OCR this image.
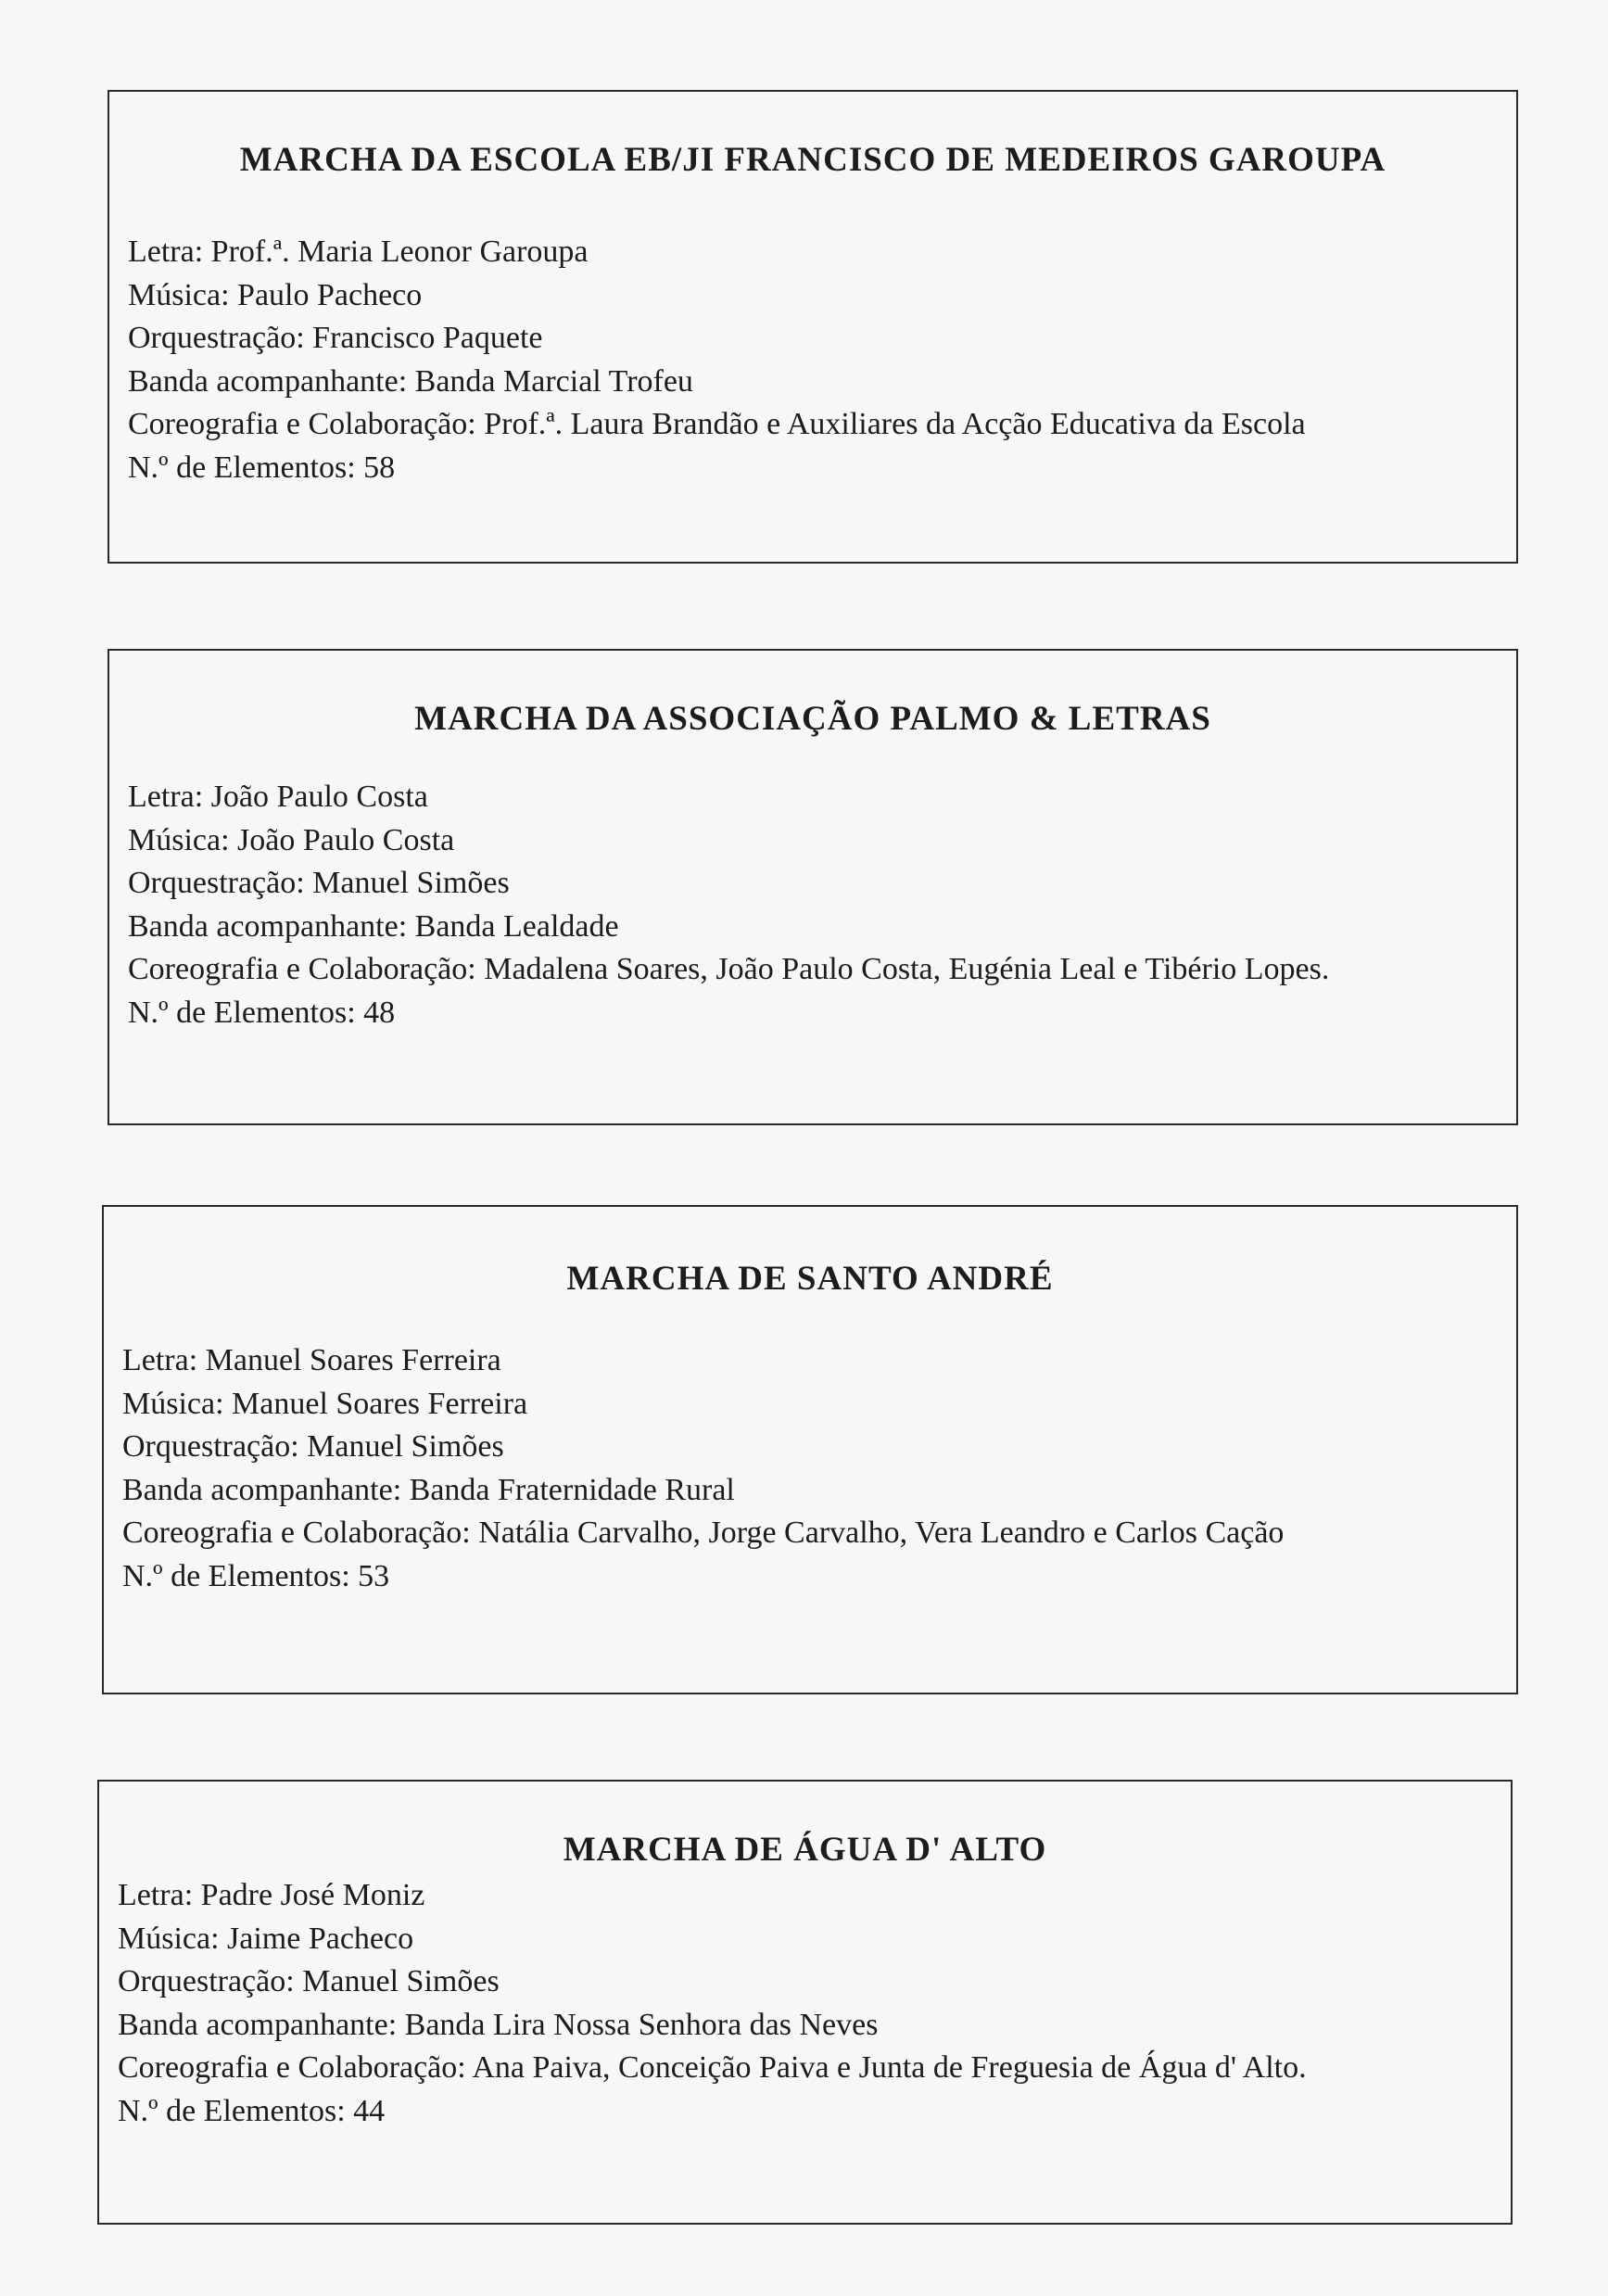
MARCHA DA ESCOLA EB/JI FRANCISCO DE MEDEIROS GAROUPA
Letra: Prof.ª. Maria Leonor Garoupa
Música: Paulo Pacheco
Orquestração: Francisco Paquete
Banda acompanhante: Banda Marcial Trofeu
Coreografia e Colaboração: Prof.ª. Laura Brandão e Auxiliares da Acção Educativa da Escola
N.º de Elementos: 58
MARCHA DA ASSOCIAÇÃO PALMO & LETRAS
Letra: João Paulo Costa
Música: João Paulo Costa
Orquestração: Manuel Simões
Banda acompanhante: Banda Lealdade
Coreografia e Colaboração: Madalena Soares, João Paulo Costa, Eugénia Leal e Tibério Lopes.
N.º de Elementos: 48
MARCHA DE SANTO ANDRÉ
Letra: Manuel Soares Ferreira
Música: Manuel Soares Ferreira
Orquestração: Manuel Simões
Banda acompanhante: Banda Fraternidade Rural
Coreografia e Colaboração: Natália Carvalho, Jorge Carvalho, Vera Leandro e Carlos Cação
N.º de Elementos: 53
MARCHA DE ÁGUA D' ALTO
Letra: Padre José Moniz
Música: Jaime Pacheco
Orquestração: Manuel Simões
Banda acompanhante: Banda Lira Nossa Senhora das Neves
Coreografia e Colaboração: Ana Paiva, Conceição Paiva e Junta de Freguesia de Água d' Alto.
N.º de Elementos: 44
